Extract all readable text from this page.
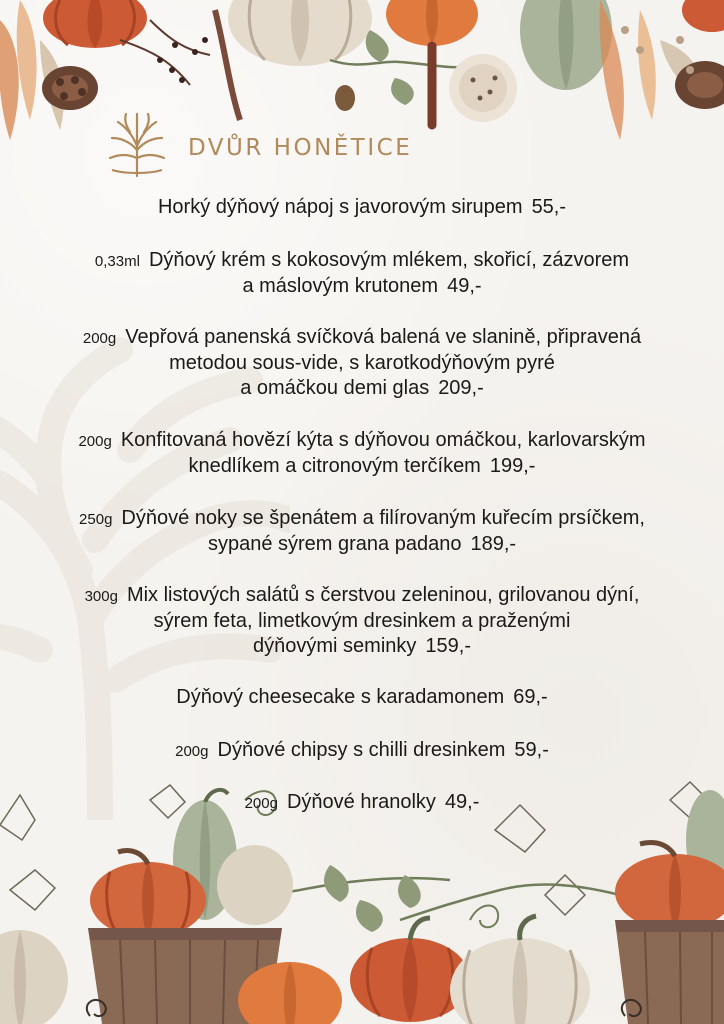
DVŮR HONĚTICE
Horký dýňový nápoj s javorovým sirupem 55,-
0,33ml Dýňový krém s kokosovým mlékem, skořicí, zázvorem
a máslovým krutonem 49,-
200g Vepřová panenská svíčková balená ve slanině, připravená
metodou sous-vide, s karotkodýňovým pyré
a omáčkou demi glas 209,-
200g Konfitovaná hovězí kýta s dýňovou omáčkou, karlovarským
knedlíkem a citronovým terčíkem 199,-
250g Dýňové noky se špenátem a filírovaným kuřecím prsíčkem,
sypané sýrem grana padano 189,-
300g Mix listových salátů s čerstvou zeleninou, grilovanou dýní,
sýrem feta, limetkovým dresinkem a praženými
dýňovými seminky 159,-
Dýňový cheesecake s karadamonem 69,-
200g Dýňové chipsy s chilli dresinkem 59,-
200g Dýňové hranolky 49,-
